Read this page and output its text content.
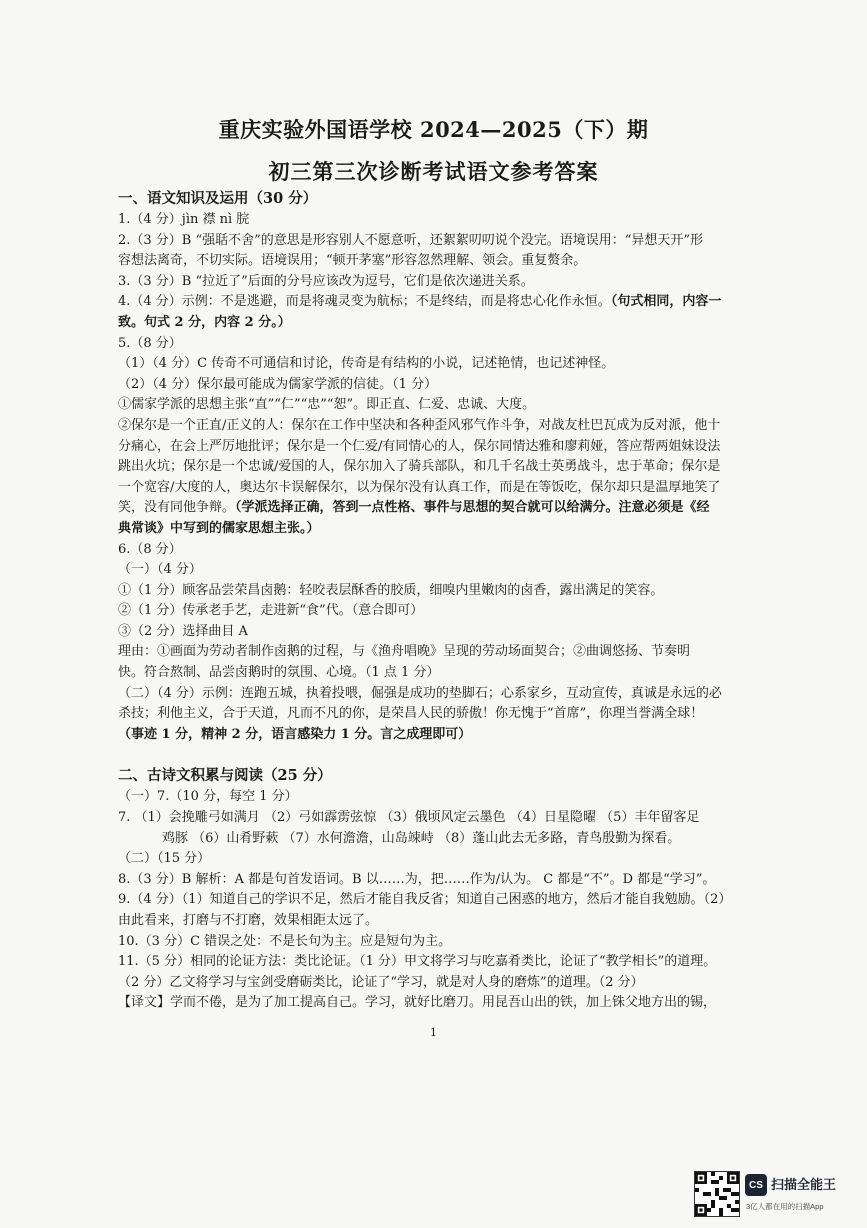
重庆实验外国语学校 2024—2025（下）期
初三第三次诊断考试语文参考答案
一、语文知识及运用（30 分）
1.（4 分）jìn 襟 nì 脘
2.（3 分）B “强聒不舍”的意思是形容别人不愿意听，还絮絮叨叨说个没完。语境误用：“异想天开”形
容想法离奇，不切实际。语境误用；“顿开茅塞”形容忽然理解、领会。重复赘余。
3.（3 分）B “拉近了”后面的分号应该改为逗号，它们是依次递进关系。
4.（4 分）示例：不是逃避，而是将魂灵变为航标；不是终结，而是将忠心化作永恒。（句式相同，内容一
致。句式 2 分，内容 2 分。）
5.（8 分）
（1）（4 分）C 传奇不可通信和讨论，传奇是有结构的小说，记述艳情，也记述神怪。
（2）（4 分）保尔最可能成为儒家学派的信徒。（1 分）
①儒家学派的思想主张“直”“仁”“忠”“恕”。即正直、仁爱、忠诚、大度。
②保尔是一个正直/正义的人：保尔在工作中坚决和各种歪风邪气作斗争，对战友杜巴瓦成为反对派，他十
分痛心，在会上严厉地批评；保尔是一个仁爱/有同情心的人，保尔同情达雅和廖莉娅，答应帮两姐妹设法
跳出火坑；保尔是一个忠诚/爱国的人，保尔加入了骑兵部队，和几千名战士英勇战斗，忠于革命；保尔是
一个宽容/大度的人，奥达尔卡误解保尔，以为保尔没有认真工作，而是在等饭吃，保尔却只是温厚地笑了
笑，没有同他争辩。（学派选择正确，答到一点性格、事件与思想的契合就可以给满分。注意必须是《经
典常谈》中写到的儒家思想主张。）
6.（8 分）
（一）（4 分）
①（1 分）顾客品尝荣昌卤鹅：轻咬表层酥香的胶质，细嗅内里嫩肉的卤香，露出满足的笑容。
②（1 分）传承老手艺，走进新“食”代。（意合即可）
③（2 分）选择曲目 A
理由：①画面为劳动者制作卤鹅的过程，与《渔舟唱晚》呈现的劳动场面契合；②曲调悠扬、节奏明
快。符合熬制、品尝卤鹅时的氛围、心境。（1 点 1 分）
（二）（4 分）示例：连跑五城，执着投喂，倔强是成功的垫脚石；心系家乡，互动宣传，真诚是永远的必
杀技；利他主义，合于天道，凡而不凡的你，是荣昌人民的骄傲！你无愧于“首席”，你理当誉满全球！
（事迹 1 分，精神 2 分，语言感染力 1 分。言之成理即可）
二、古诗文积累与阅读（25 分）
（一）7.（10 分，每空 1 分）
7. （1）会挽雕弓如满月 （2）弓如霹雳弦惊 （3）俄顷风定云墨色 （4）日星隐曜 （5）丰年留客足
鸡豚 （6）山肴野蔌 （7）水何澹澹，山岛竦峙 （8）蓬山此去无多路，青鸟殷勤为探看。
（二）（15 分）
8.（3 分）B 解析：A 都是句首发语词。B 以……为，把……作为/认为。 C 都是“不”。D 都是“学习”。
9.（4 分）（1）知道自己的学识不足，然后才能自我反省；知道自己困惑的地方，然后才能自我勉励。（2）
由此看来，打磨与不打磨，效果相距太远了。
10.（3 分）C 错误之处：不是长句为主。应是短句为主。
11.（5 分）相同的论证方法：类比论证。（1 分）甲文将学习与吃嘉肴类比，论证了“教学相长”的道理。
（2 分）乙文将学习与宝剑受磨砺类比，论证了“学习，就是对人身的磨炼”的道理。（2 分）
【译文】学而不倦，是为了加工提高自己。学习，就好比磨刀。用昆吾山出的铁，加上铢父地方出的锡，
1
CS 扫描全能王
3亿人都在用的扫描App
